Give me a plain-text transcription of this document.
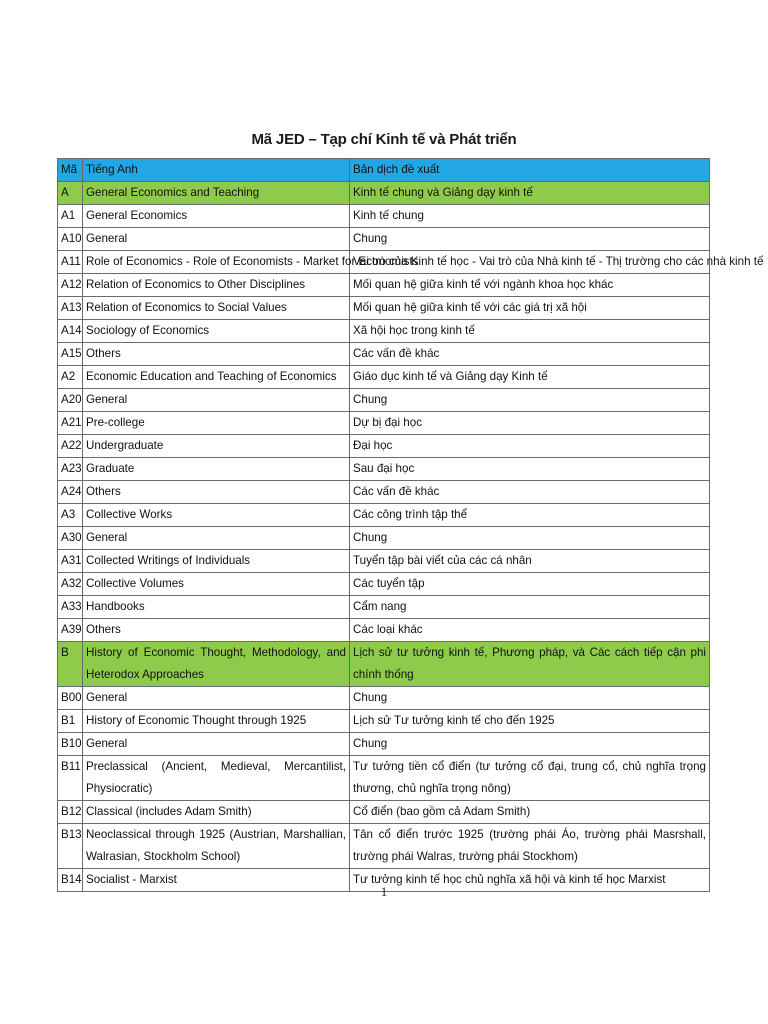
Mã JED – Tạp chí Kinh tế và Phát triển
Mã	Tiếng Anh	Bản dịch đề xuất
A	General Economics and Teaching	Kinh tế chung và Giảng dạy kinh tế
A1	General Economics	Kinh tế chung
A10	General	Chung
A11	Role of Economics - Role of Economists - Market for Economists	Vai trò của Kinh tế học - Vai trò của Nhà kinh tế - Thị trường cho các nhà kinh tế
A12	Relation of Economics to Other Disciplines	Mối quan hệ giữa kinh tế với ngành khoa học khác
A13	Relation of Economics to Social Values	Mối quan hệ giữa kinh tế với các giá trị xã hội
A14	Sociology of Economics	Xã hội học trong kinh tế
A15	Others	Các vấn đề khác
A2	Economic Education and Teaching of Economics	Giáo dục kinh tế và Giảng dạy Kinh tế
A20	General	Chung
A21	Pre-college	Dự bị đại học
A22	Undergraduate	Đại học
A23	Graduate	Sau đại học
A24	Others	Các vấn đề khác
A3	Collective Works	Các công trình tập thể
A30	General	Chung
A31	Collected Writings of Individuals	Tuyển tập bài viết của các cá nhân
A32	Collective Volumes	Các tuyển tập
A33	Handbooks	Cẩm nang
A39	Others	Các loại khác
B	History of Economic Thought, Methodology, and Heterodox Approaches	Lịch sử tư tưởng kinh tế, Phương pháp, và Các cách tiếp cận phi chính thống
B00	General	Chung
B1	History of Economic Thought through 1925	Lịch sử Tư tưởng kinh tế cho đến 1925
B10	General	Chung
B11	Preclassical (Ancient, Medieval, Mercantilist, Physiocratic)	Tư tưởng tiền cổ điển (tư tưởng cổ đại, trung cổ, chủ nghĩa trọng thương, chủ nghĩa trọng nông)
B12	Classical (includes Adam Smith)	Cổ điển (bao gồm cả Adam Smith)
B13	Neoclassical through 1925 (Austrian, Marshallian, Walrasian, Stockholm School)	Tân cổ điển trước 1925 (trường phái Áo, trường phái Masrshall, trường phái Walras, trường phái Stockhom)
B14	Socialist - Marxist	Tư tưởng kinh tế học chủ nghĩa xã hội và kinh tế học Marxist
1
